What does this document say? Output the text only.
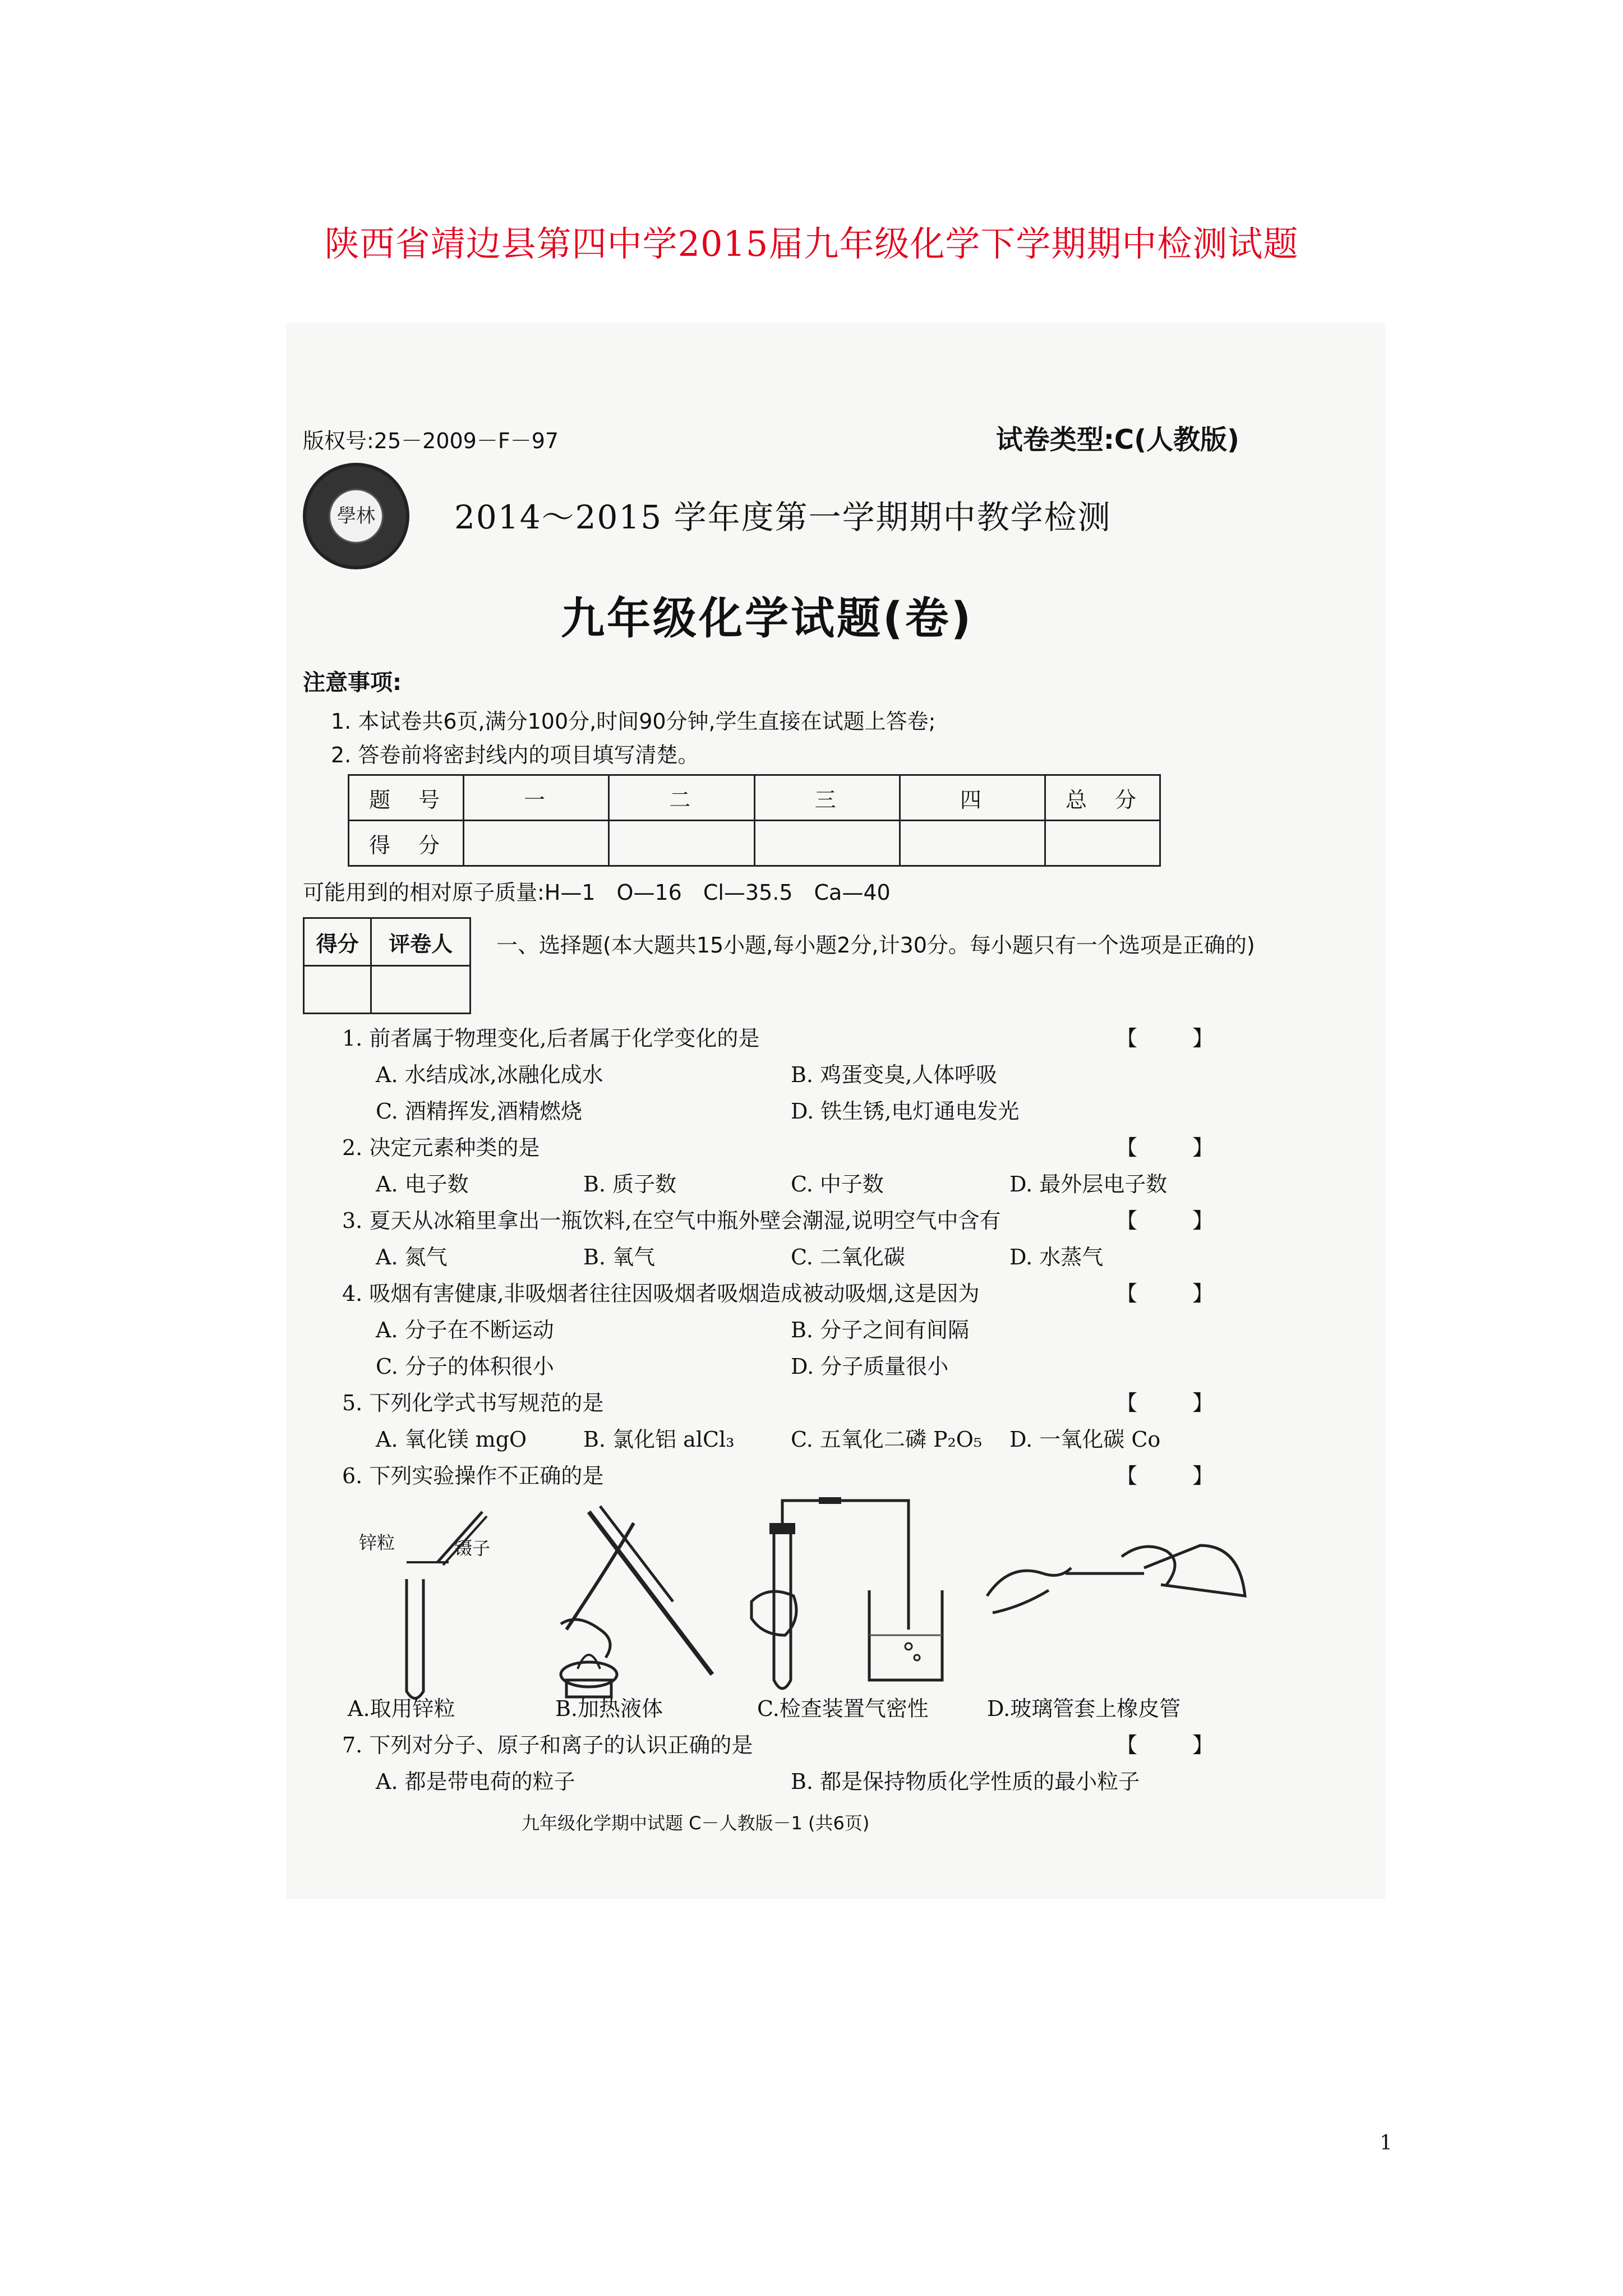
陕西省靖边县第四中学2015届九年级化学下学期期中检测试题
版权号:25－2009－F－97	试卷类型:C(人教版)
學林 2014～2015 学年度第一学期期中教学检测
九年级化学试题(卷)
注意事项:
1. 本试卷共6页,满分100分,时间90分钟,学生直接在试题上答卷;
2. 答卷前将密封线内的项目填写清楚。
题　号	一	二	三	四	总　分
得　分					
可能用到的相对原子质量:H—1　O—16　Cl—35.5　Ca—40
得分	评卷人
	一、选择题(本大题共15小题,每小题2分,计30分。每小题只有一个选项是正确的)
1. 前者属于物理变化,后者属于化学变化的是	【　】
A. 水结成冰,冰融化成水	B. 鸡蛋变臭,人体呼吸
C. 酒精挥发,酒精燃烧	D. 铁生锈,电灯通电发光
2. 决定元素种类的是	【　】
A. 电子数	B. 质子数	C. 中子数	D. 最外层电子数
3. 夏天从冰箱里拿出一瓶饮料,在空气中瓶外壁会潮湿,说明空气中含有	【　】
A. 氮气	B. 氧气	C. 二氧化碳	D. 水蒸气
4. 吸烟有害健康,非吸烟者往往因吸烟者吸烟造成被动吸烟,这是因为	【　】
A. 分子在不断运动	B. 分子之间有间隔
C. 分子的体积很小	D. 分子质量很小
5. 下列化学式书写规范的是	【　】
A. 氧化镁 mgO	B. 氯化铝 alCl₃	C. 五氧化二磷 P₂O₅ D. 一氧化碳 Co
6. 下列实验操作不正确的是	【　】
锌粒	镊子
A.取用锌粒	B.加热液体	C.检查装置气密性	D.玻璃管套上橡皮管
7. 下列对分子、原子和离子的认识正确的是	【　】
A. 都是带电荷的粒子	B. 都是保持物质化学性质的最小粒子
九年级化学期中试题 C－人教版－1 (共6页)
1
